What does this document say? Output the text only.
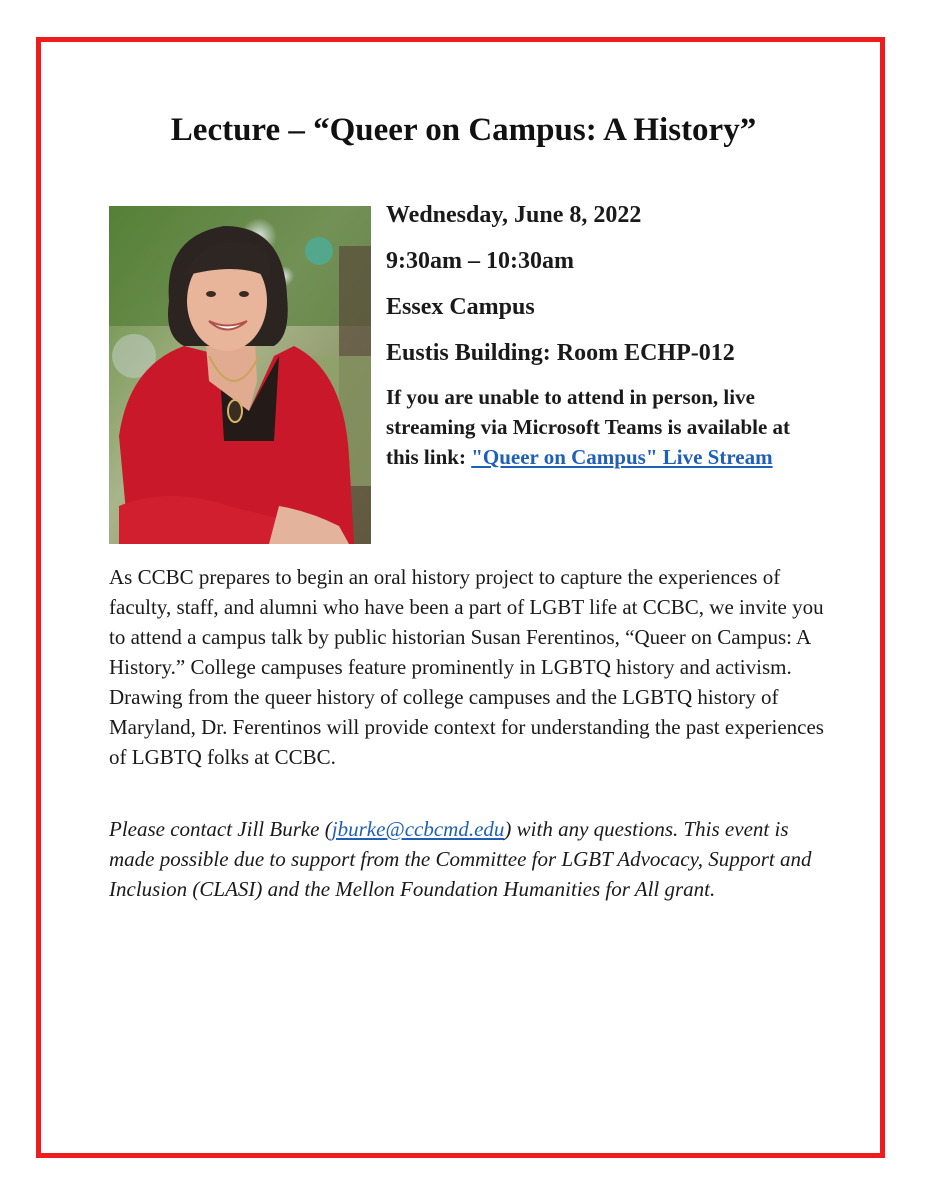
Lecture – “Queer on Campus: A History”

Wednesday, June 8, 2022

9:30am – 10:30am

Essex Campus

Eustis Building: Room ECHP-012

If you are unable to attend in person, live streaming via Microsoft Teams is available at this link: "Queer on Campus" Live Stream

As CCBC prepares to begin an oral history project to capture the experiences of faculty, staff, and alumni who have been a part of LGBT life at CCBC, we invite you to attend a campus talk by public historian Susan Ferentinos, “Queer on Campus: A History.” College campuses feature prominently in LGBTQ history and activism. Drawing from the queer history of college campuses and the LGBTQ history of Maryland, Dr. Ferentinos will provide context for understanding the past experiences of LGBTQ folks at CCBC.

Please contact Jill Burke (jburke@ccbcmd.edu) with any questions. This event is made possible due to support from the Committee for LGBT Advocacy, Support and Inclusion (CLASI) and the Mellon Foundation Humanities for All grant.
